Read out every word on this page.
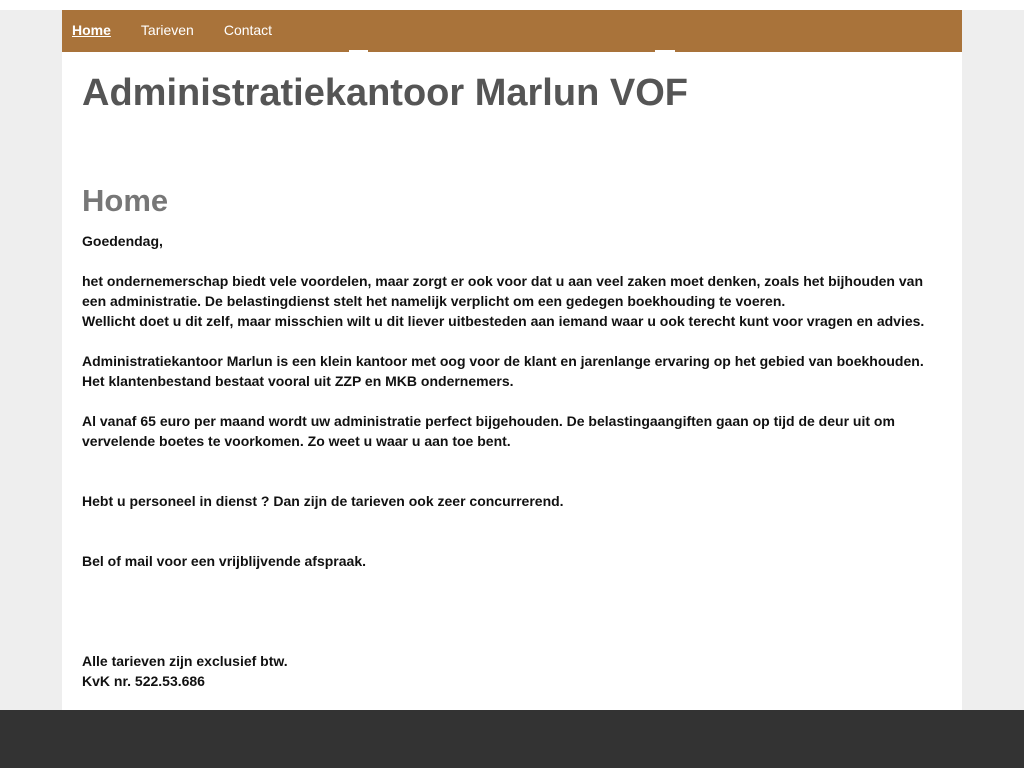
Home Tarieven Contact
Administratiekantoor Marlun VOF
Home

Goedendag,

het ondernemerschap biedt vele voordelen, maar zorgt er ook voor dat u aan veel zaken moet denken, zoals het bijhouden van een administratie. De belastingdienst stelt het namelijk verplicht om een gedegen boekhouding te voeren.

Wellicht doet u dit zelf, maar misschien wilt u dit liever uitbesteden aan iemand waar u ook terecht kunt voor vragen en advies.

Administratiekantoor Marlun is een klein kantoor met oog voor de klant en jarenlange ervaring op het gebied van boekhouden.

Het klantenbestand bestaat vooral uit ZZP en MKB ondernemers.

Al vanaf 65 euro per maand wordt uw administratie perfect bijgehouden. De belastingaangiften gaan op tijd de deur uit om vervelende boetes te voorkomen. Zo weet u waar u aan toe bent.

Hebt u personeel in dienst ? Dan zijn de tarieven ook zeer concurrerend.

Bel of mail voor een vrijblijvende afspraak.

Alle tarieven zijn exclusief btw.

KvK nr. 522.53.686

Email info@marlun.nl
